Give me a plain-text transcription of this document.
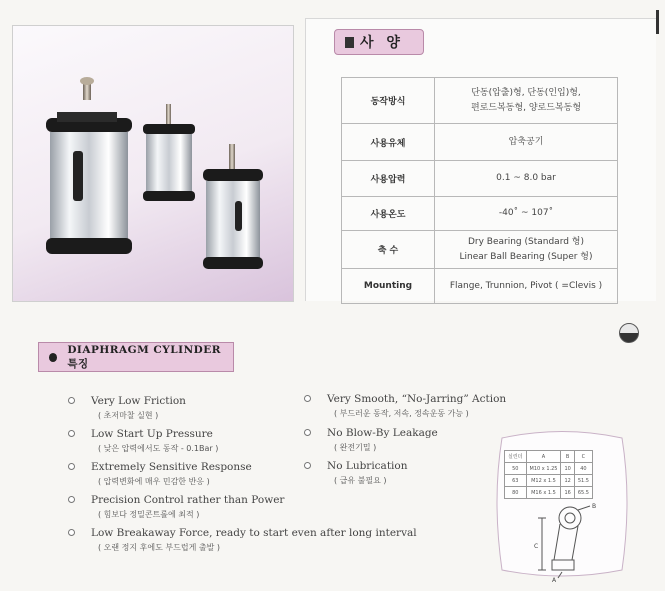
사 양
동작방식	단동(압출)형, 단동(인입)형,
편로드복동형, 양로드복동형

사용유체	압축공기
사용압력	0.1 ~ 8.0 bar
사용온도	-40˚ ~ 107˚
축 수	Dry Bearing (Standard 형)
Linear Ball Bearing (Super 형)

Mounting	Flange, Trunnion, Pivot ( =Clevis )
DIAPHRAGM CYLINDER 특징
Very Low Friction
( 초저마찰 실현 )
Low Start Up Pressure
( 낮은 압력에서도 동작 - 0.1Bar )
Extremely Sensitive Response
( 압력변화에 매우 민감한 반응 )
Precision Control rather than Power
( 힘보다 정밀콘트롤에 최적 )
Low Breakaway Force, ready to start even after long interval
( 오랜 정지 후에도 부드럽게 출발 )
Very Smooth, “No-Jarring” Action
( 부드러운 동작, 저속, 정속운동 가능 )
No Blow-By Leakage
( 완전기밀 )
No Lubrication
( 급유 불필요 )
C
B
A
실린더	A	B	C
50	M10 x 1.25	10	40
63	M12 x 1.5	12	51.5
80	M16 x 1.5	16	65.5
